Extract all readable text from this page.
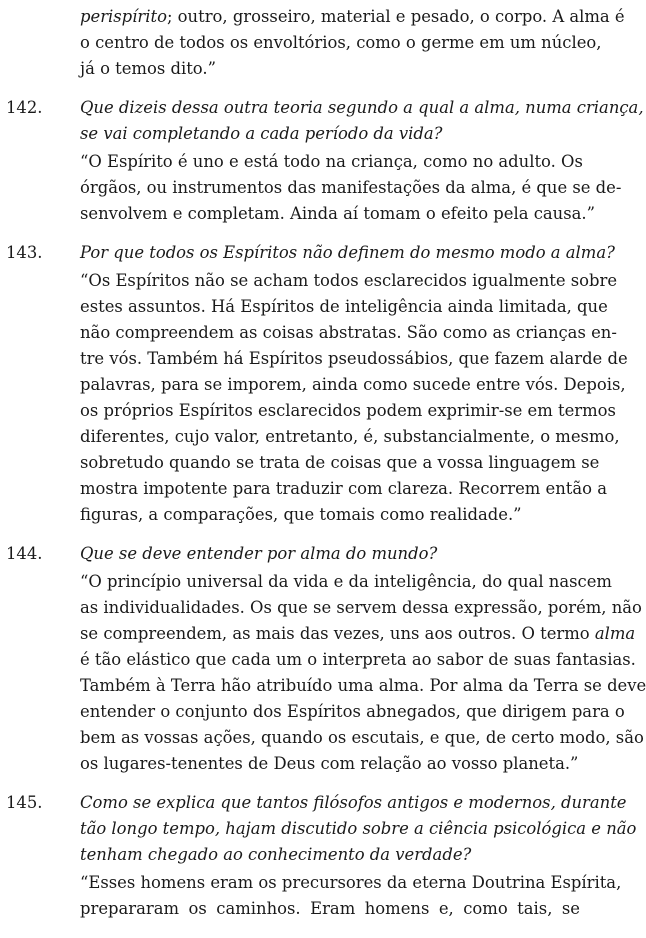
perispírito; outro, grosseiro, material e pesado, o corpo. A alma é
o centro de todos os envoltórios, como o germe em um núcleo,
já o temos dito.”
142. Que dizeis dessa outra teoria segundo a qual a alma, numa criança,
se vai completando a cada período da vida?
“O Espírito é uno e está todo na criança, como no adulto. Os
órgãos, ou instrumentos das manifestações da alma, é que se de-
senvolvem e completam. Ainda aí tomam o efeito pela causa.”
143. Por que todos os Espíritos não definem do mesmo modo a alma?
“Os Espíritos não se acham todos esclarecidos igualmente sobre
estes assuntos. Há Espíritos de inteligência ainda limitada, que
não compreendem as coisas abstratas. São como as crianças en-
tre vós. Também há Espíritos pseudossábios, que fazem alarde de
palavras, para se imporem, ainda como sucede entre vós. Depois,
os próprios Espíritos esclarecidos podem exprimir-se em termos
diferentes, cujo valor, entretanto, é, substancialmente, o mesmo,
sobretudo quando se trata de coisas que a vossa linguagem se
mostra impotente para traduzir com clareza. Recorrem então a
figuras, a comparações, que tomais como realidade.”
144. Que se deve entender por alma do mundo?
“O princípio universal da vida e da inteligência, do qual nascem
as individualidades. Os que se servem dessa expressão, porém, não
se compreendem, as mais das vezes, uns aos outros. O termo alma
é tão elástico que cada um o interpreta ao sabor de suas fantasias.
Também à Terra hão atribuído uma alma. Por alma da Terra se deve
entender o conjunto dos Espíritos abnegados, que dirigem para o
bem as vossas ações, quando os escutais, e que, de certo modo, são
os lugares-tenentes de Deus com relação ao vosso planeta.”
145. Como se explica que tantos filósofos antigos e modernos, durante
tão longo tempo, hajam discutido sobre a ciência psicológica e não
tenham chegado ao conhecimento da verdade?
“Esses homens eram os precursores da eterna Doutrina Espírita,
prepararam os caminhos. Eram homens e, como tais, se
